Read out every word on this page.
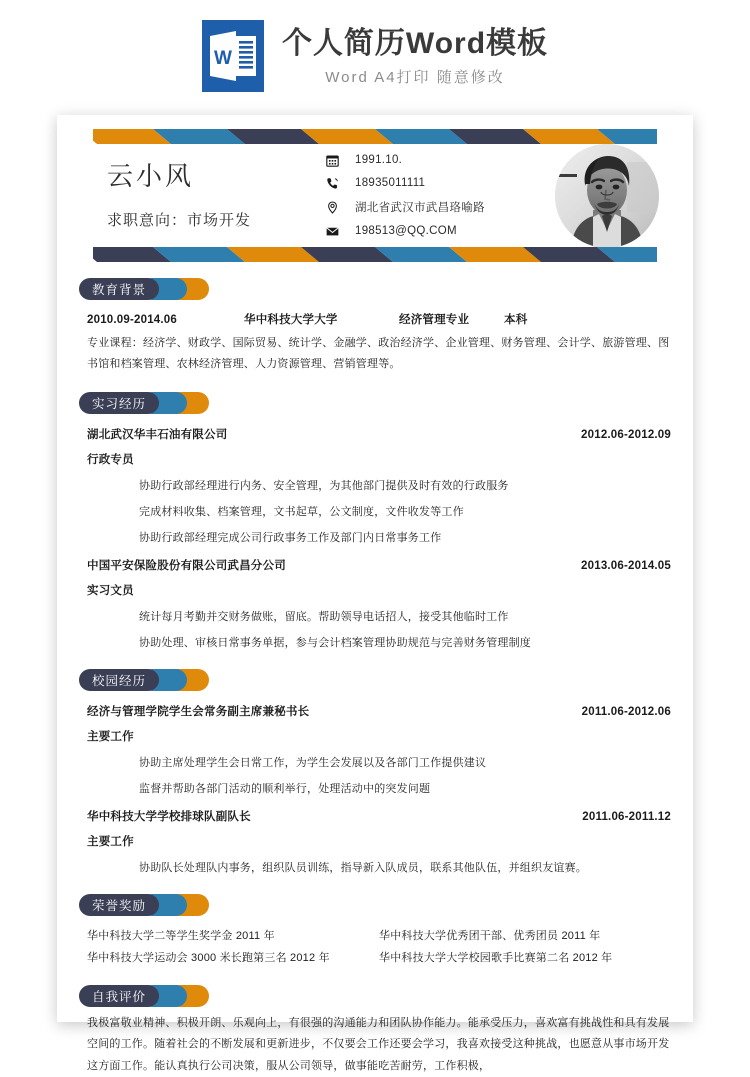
W 个人简历Word模板
Word A4打印 随意修改
云小风
求职意向：市场开发
1991.10.
18935011111
湖北省武汉市武昌珞喻路
198513@QQ.COM
教育背景
2010.09-2014.06	华中科技大学大学	经济管理专业	本科
专业课程：经济学、财政学、国际贸易、统计学、金融学、政治经济学、企业管理、财务管理、会计学、旅游管理、图书馆和档案管理、农林经济管理、人力资源管理、营销管理等。
实习经历
湖北武汉华丰石油有限公司	2012.06-2012.09
行政专员
协助行政部经理进行内务、安全管理，为其他部门提供及时有效的行政服务
完成材料收集、档案管理，文书起草，公文制度，文件收发等工作
协助行政部经理完成公司行政事务工作及部门内日常事务工作
中国平安保险股份有限公司武昌分公司	2013.06-2014.05
实习文员
统计每月考勤并交财务做账，留底。帮助领导电话招人，接受其他临时工作
协助处理、审核日常事务单据，参与会计档案管理协助规范与完善财务管理制度
校园经历
经济与管理学院学生会常务副主席兼秘书长	2011.06-2012.06
主要工作
协助主席处理学生会日常工作，为学生会发展以及各部门工作提供建议
监督并帮助各部门活动的顺利举行，处理活动中的突发问题
华中科技大学学校排球队副队长	2011.06-2011.12
主要工作
协助队长处理队内事务，组织队员训练，指导新入队成员，联系其他队伍，并组织友谊赛。
荣誉奖励
华中科技大学二等学生奖学金 2011 年	华中科技大学优秀团干部、优秀团员 2011 年
华中科技大学运动会 3000 米长跑第三名 2012 年	华中科技大学大学校园歌手比赛第二名 2012 年
自我评价
我极富敬业精神、积极开朗、乐观向上，有很强的沟通能力和团队协作能力。能承受压力，喜欢富有挑战性和具有发展空间的工作。随着社会的不断发展和更新进步，不仅要会工作还要会学习，我喜欢接受这种挑战，也愿意从事市场开发这方面工作。能认真执行公司决策，服从公司领导，做事能吃苦耐劳，工作积极，
